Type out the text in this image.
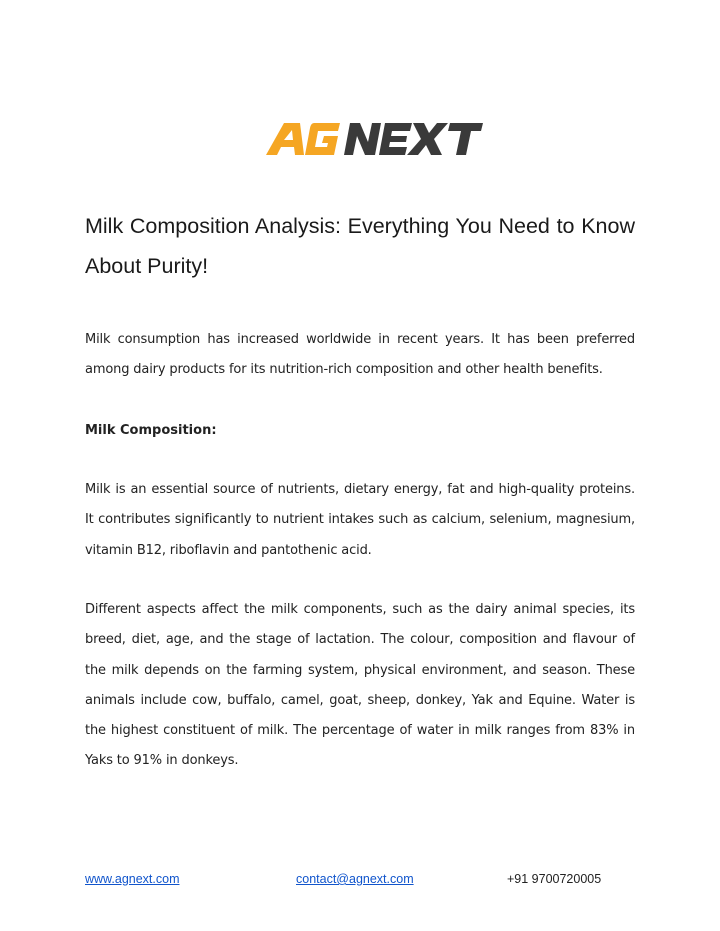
Milk Composition Analysis: Everything You Need to Know About Purity!

Milk consumption has increased worldwide in recent years. It has been preferred among dairy products for its nutrition-rich composition and other health benefits.

Milk Composition:

Milk is an essential source of nutrients, dietary energy, fat and high-quality proteins. It contributes significantly to nutrient intakes such as calcium, selenium, magnesium, vitamin B12, riboflavin and pantothenic acid.

Different aspects affect the milk components, such as the dairy animal species, its breed, diet, age, and the stage of lactation. The colour, composition and flavour of the milk depends on the farming system, physical environment, and season. These animals include cow, buffalo, camel, goat, sheep, donkey, Yak and Equine. Water is the highest constituent of milk. The percentage of water in milk ranges from 83% in Yaks to 91% in donkeys.

www.agnext.com	contact@agnext.com	+91 9700720005
